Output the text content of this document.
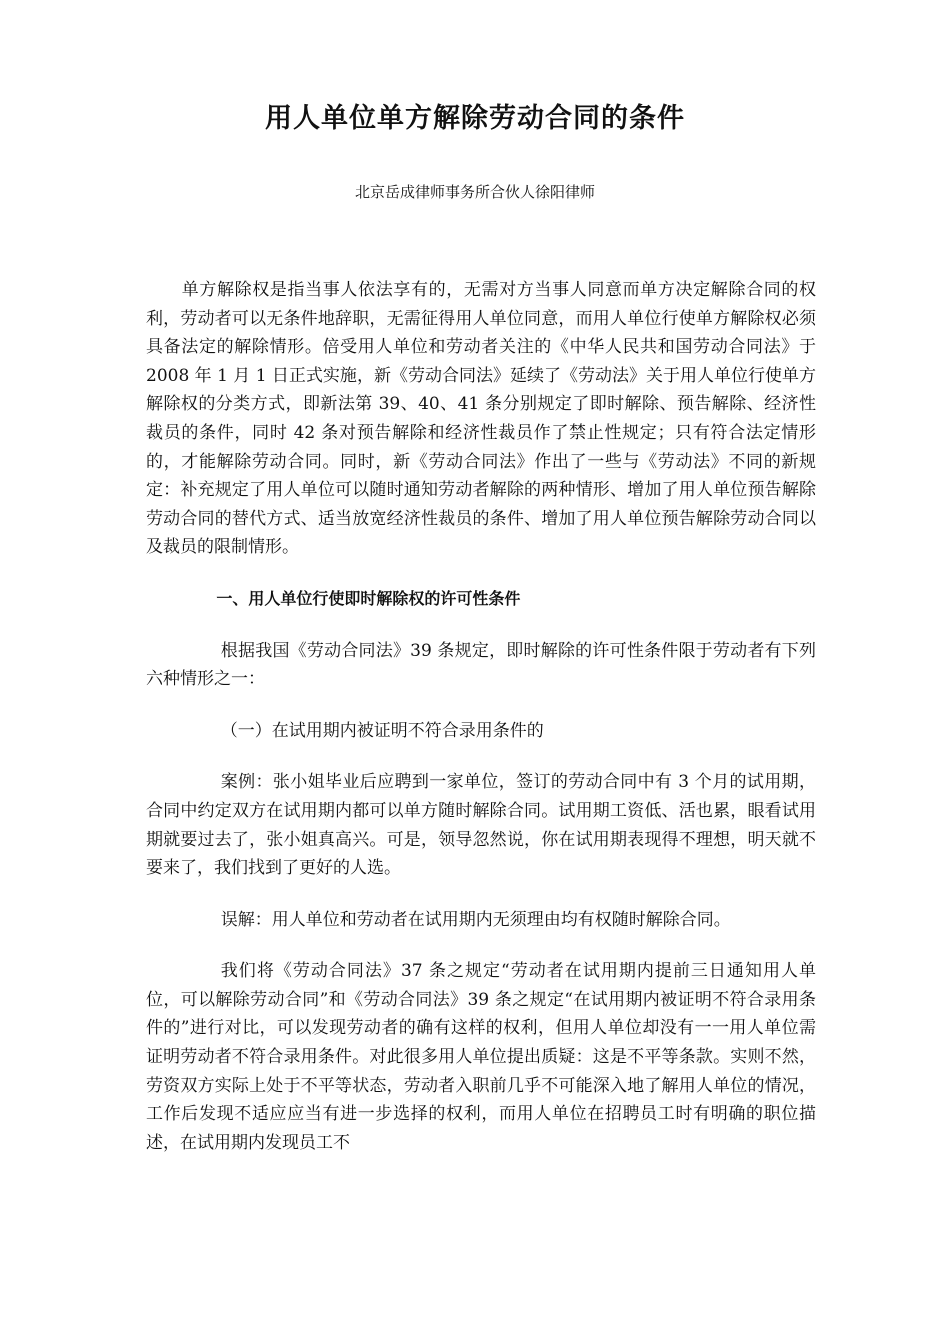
用人单位单方解除劳动合同的条件
北京岳成律师事务所合伙人徐阳律师

单方解除权是指当事人依法享有的，无需对方当事人同意而单方决定解除合同的权利，劳动者可以无条件地辞职，无需征得用人单位同意，而用人单位行使单方解除权必须具备法定的解除情形。倍受用人单位和劳动者关注的《中华人民共和国劳动合同法》于 2008 年 1 月 1 日正式实施，新《劳动合同法》延续了《劳动法》关于用人单位行使单方解除权的分类方式，即新法第 39、40、41 条分别规定了即时解除、预告解除、经济性裁员的条件，同时 42 条对预告解除和经济性裁员作了禁止性规定；只有符合法定情形的，才能解除劳动合同。同时，新《劳动合同法》作出了一些与《劳动法》不同的新规定：补充规定了用人单位可以随时通知劳动者解除的两种情形、增加了用人单位预告解除劳动合同的替代方式、适当放宽经济性裁员的条件、增加了用人单位预告解除劳动合同以及裁员的限制情形。

一、用人单位行使即时解除权的许可性条件

根据我国《劳动合同法》39 条规定，即时解除的许可性条件限于劳动者有下列六种情形之一：

（一）在试用期内被证明不符合录用条件的

案例：张小姐毕业后应聘到一家单位，签订的劳动合同中有 3 个月的试用期，合同中约定双方在试用期内都可以单方随时解除合同。试用期工资低、活也累，眼看试用期就要过去了，张小姐真高兴。可是，领导忽然说，你在试用期表现得不理想，明天就不要来了，我们找到了更好的人选。

误解：用人单位和劳动者在试用期内无须理由均有权随时解除合同。

我们将《劳动合同法》37 条之规定“劳动者在试用期内提前三日通知用人单位，可以解除劳动合同”和《劳动合同法》39 条之规定“在试用期内被证明不符合录用条件的”进行对比，可以发现劳动者的确有这样的权利，但用人单位却没有一一用人单位需证明劳动者不符合录用条件。对此很多用人单位提出质疑：这是不平等条款。实则不然，劳资双方实际上处于不平等状态，劳动者入职前几乎不可能深入地了解用人单位的情况，工作后发现不适应应当有进一步选择的权利，而用人单位在招聘员工时有明确的职位描述，在试用期内发现员工不
